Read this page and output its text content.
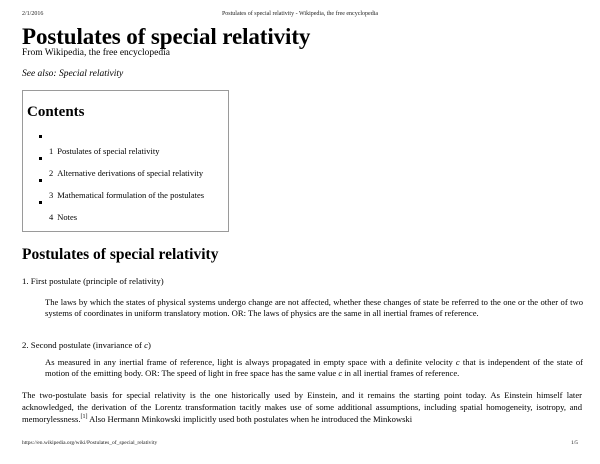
2/1/2016	Postulates of special relativity - Wikipedia, the free encyclopedia
Postulates of special relativity
From Wikipedia, the free encyclopedia
See also: Special relativity
Contents
1 Postulates of special relativity
2 Alternative derivations of special relativity
3 Mathematical formulation of the postulates
4 Notes
Postulates of special relativity
1. First postulate (principle of relativity)
The laws by which the states of physical systems undergo change are not affected, whether these changes of state be referred to the one or the other of two systems of coordinates in uniform translatory motion. OR: The laws of physics are the same in all inertial frames of reference.
2. Second postulate (invariance of c)
As measured in any inertial frame of reference, light is always propagated in empty space with a definite velocity c that is independent of the state of motion of the emitting body. OR: The speed of light in free space has the same value c in all inertial frames of reference.
The two-postulate basis for special relativity is the one historically used by Einstein, and it remains the starting point today. As Einstein himself later acknowledged, the derivation of the Lorentz transformation tacitly makes use of some additional assumptions, including spatial homogeneity, isotropy, and memorylessness.[1] Also Hermann Minkowski implicitly used both postulates when he introduced the Minkowski
https://en.wikipedia.org/wiki/Postulates_of_special_relativity	1/5
